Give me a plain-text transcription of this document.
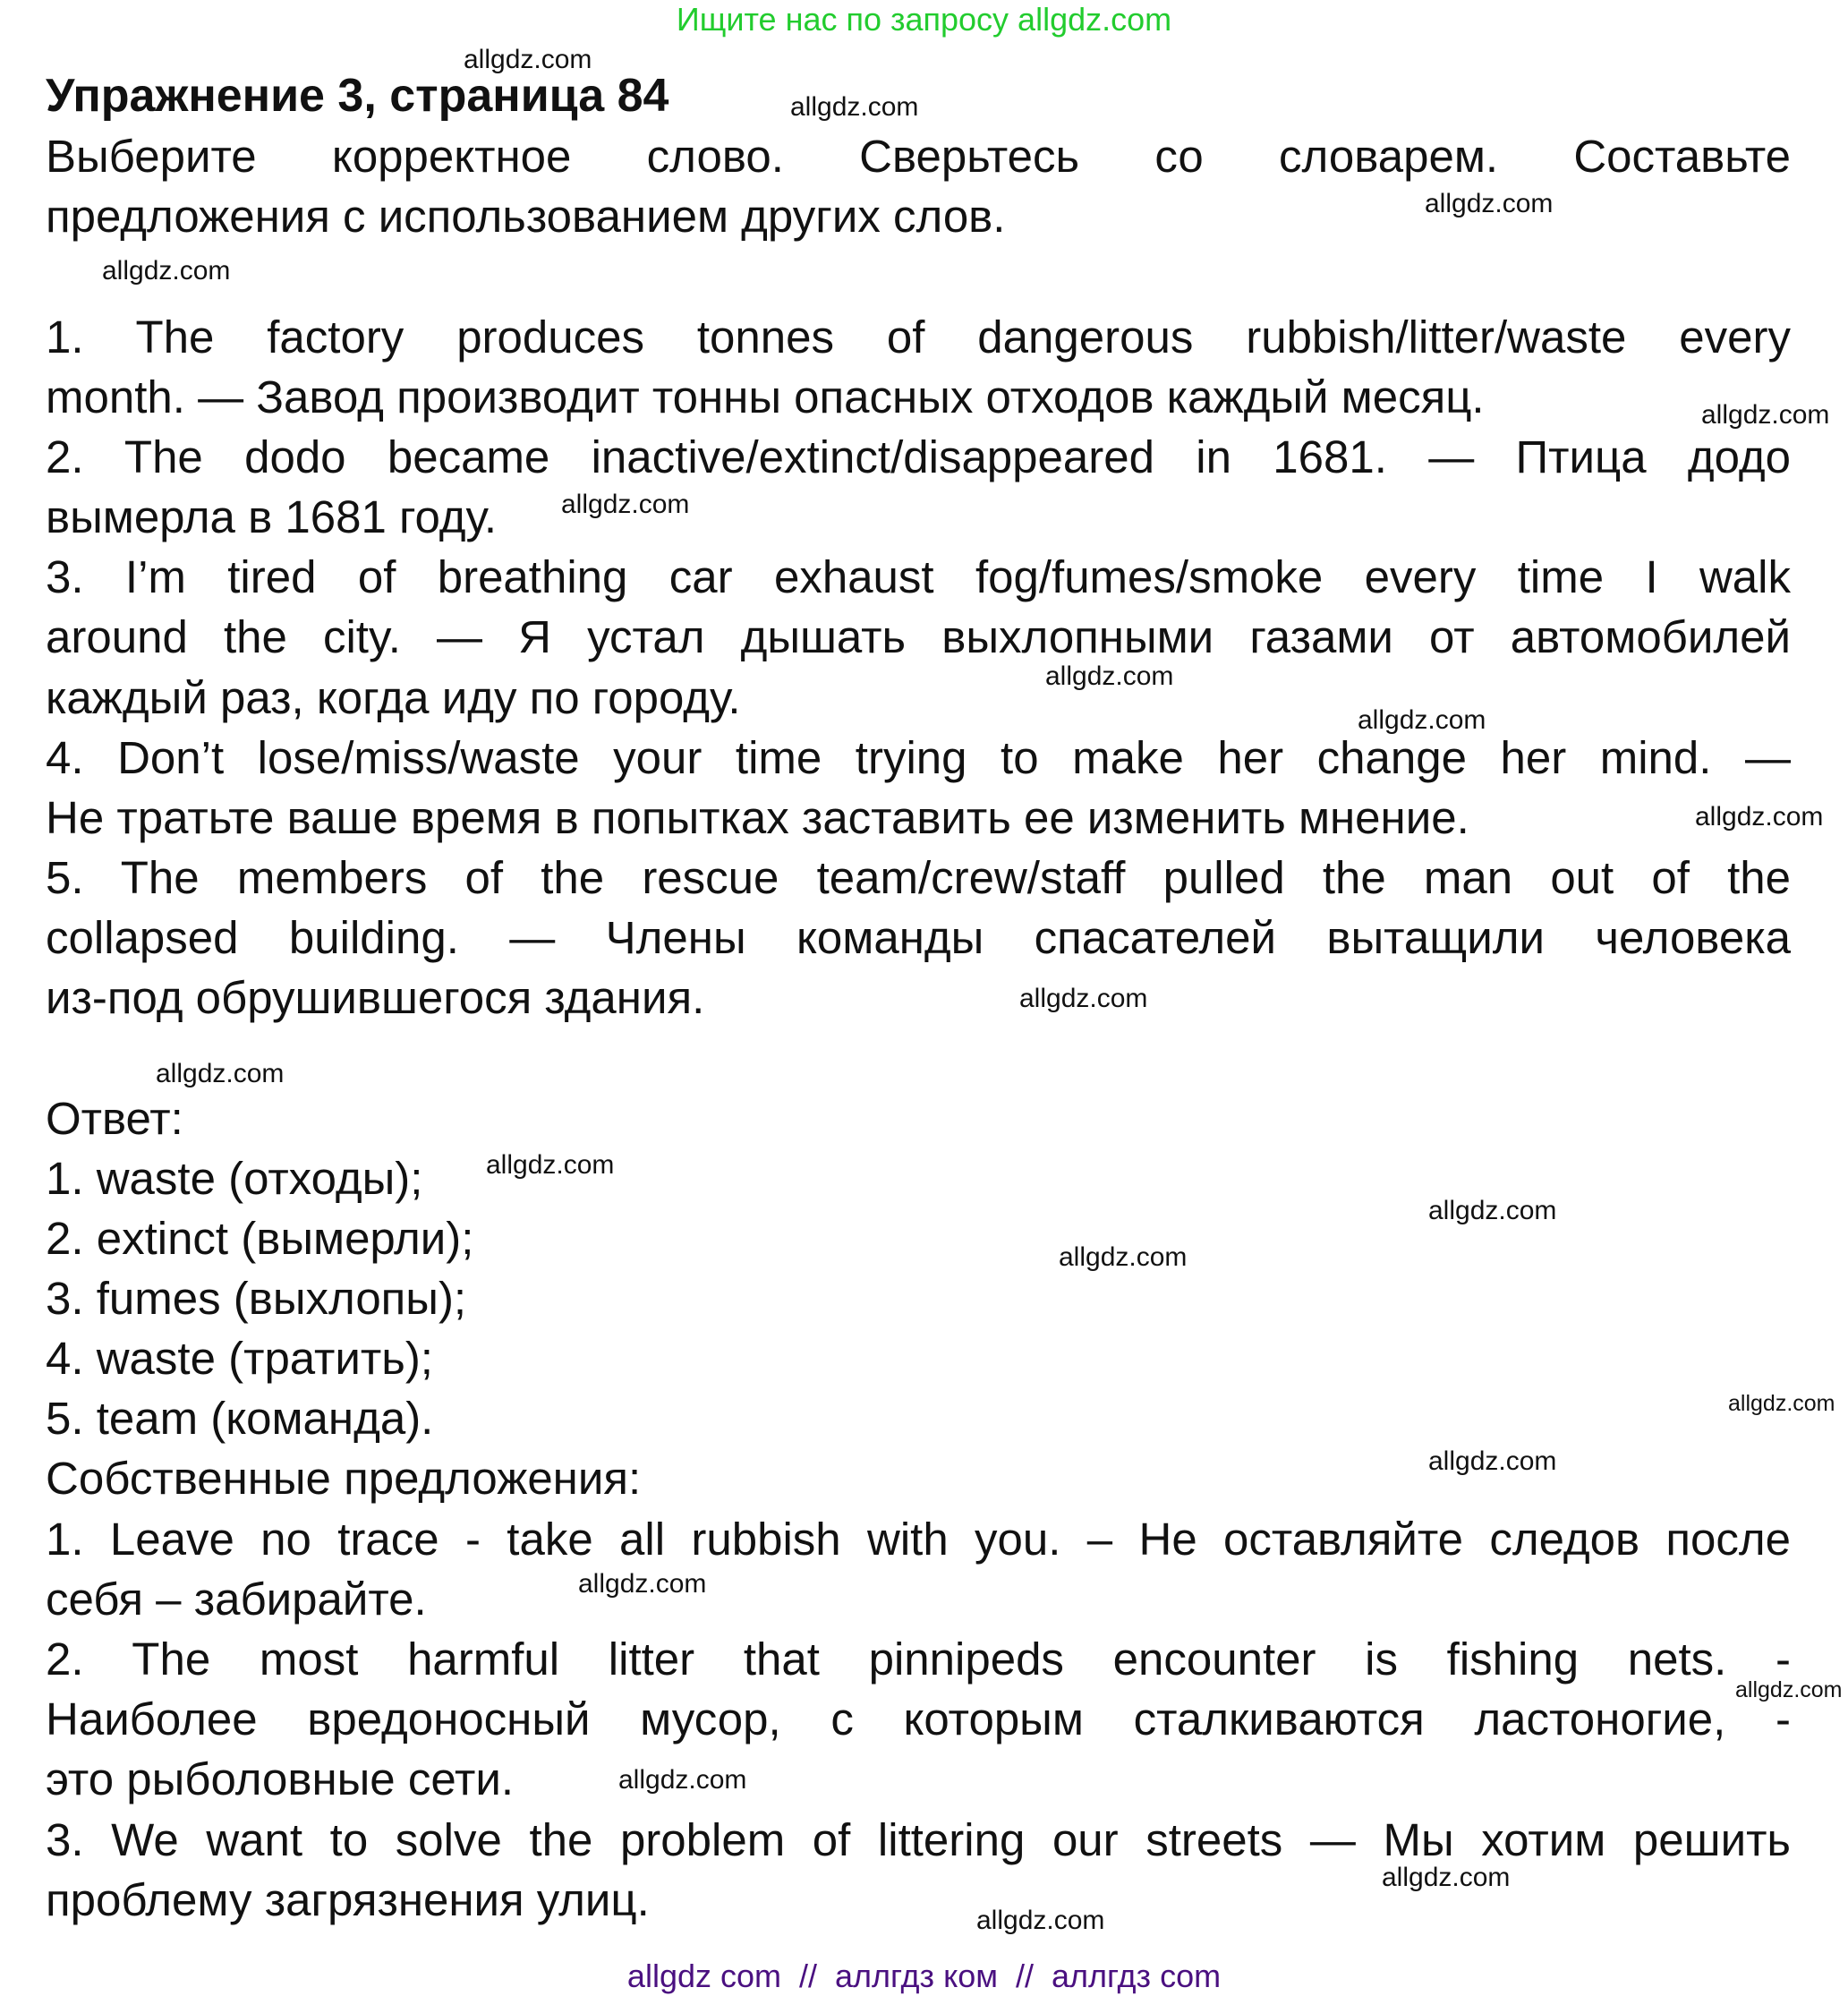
Ищите нас по запросу allgdz.com
Упражнение 3, страница 84
Выберите корректное слово. Сверьтесь со словарем. Составьте
предложения с использованием других слов.
1. The factory produces tonnes of dangerous rubbish/litter/waste every
month. — Завод производит тонны опасных отходов каждый месяц.
2. The dodo became inactive/extinct/disappeared in 1681. — Птица додо
вымерла в 1681 году.
3. I’m tired of breathing car exhaust fog/fumes/smoke every time I walk
around the city. — Я устал дышать выхлопными газами от автомобилей
каждый раз, когда иду по городу.
4. Don’t lose/miss/waste your time trying to make her change her mind. —
Не тратьте ваше время в попытках заставить ее изменить мнение.
5. The members of the rescue team/crew/staff pulled the man out of the
collapsed building. — Члены команды спасателей вытащили человека
из-под обрушившегося здания.
Ответ:
1. waste (отходы);
2. extinct (вымерли);
3. fumes (выхлопы);
4. waste (тратить);
5. team (команда).
Собственные предложения:
1. Leave no trace - take all rubbish with you. – Не оставляйте следов после
себя – забирайте.
2. The most harmful litter that pinnipeds encounter is fishing nets. -
Наиболее вредоносный мусор, с которым сталкиваются ластоногие, -
это рыболовные сети.
3. We want to solve the problem of littering our streets — Мы хотим решить
проблему загрязнения улиц.
allgdz.com
allgdz.com
allgdz.com
allgdz.com
allgdz.com
allgdz.com
allgdz.com
allgdz.com
allgdz.com
allgdz.com
allgdz.com
allgdz.com
allgdz.com
allgdz.com
allgdz.com
allgdz.com
allgdz.com
allgdz.com
allgdz.com
allgdz.com
allgdz.com
allgdz com  //  аллгдз ком  //  аллгдз com
